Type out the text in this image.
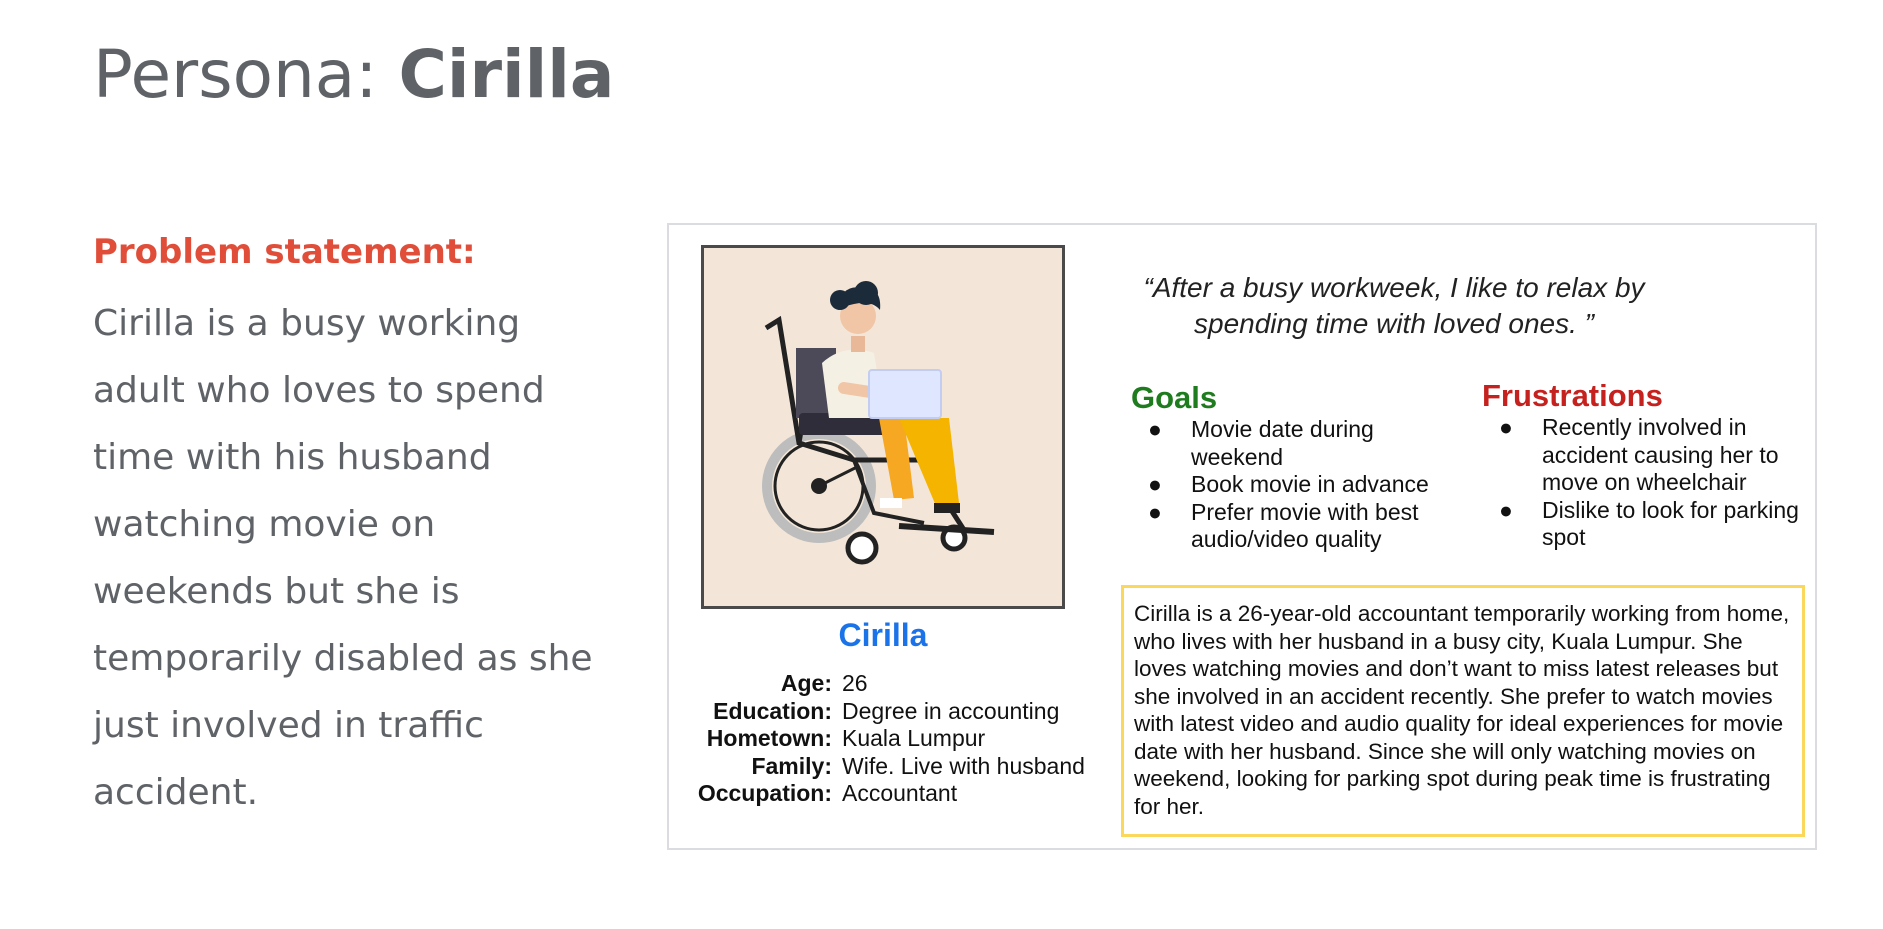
Persona: Cirilla
Problem statement:
Cirilla is a busy working adult who loves to spend time with his husband watching movie on weekends but she is temporarily disabled as she just involved in traffic accident.
Cirilla
Age: 26
Education: Degree in accounting
Hometown: Kuala Lumpur
Family: Wife. Live with husband
Occupation: Accountant
“After a busy workweek, I like to relax by spending time with loved ones. ”
Goals
● Movie date during weekend
● Book movie in advance
● Prefer movie with best audio/video quality
Frustrations
● Recently involved in accident causing her to move on wheelchair
● Dislike to look for parking spot
Cirilla is a 26-year-old accountant temporarily working from home, who lives with her husband in a busy city, Kuala Lumpur. She loves watching movies and don’t want to miss latest releases but she involved in an accident recently. She prefer to watch movies with latest video and audio quality for ideal experiences for movie date with her husband. Since she will only watching movies on weekend, looking for parking spot during peak time is frustrating for her.
